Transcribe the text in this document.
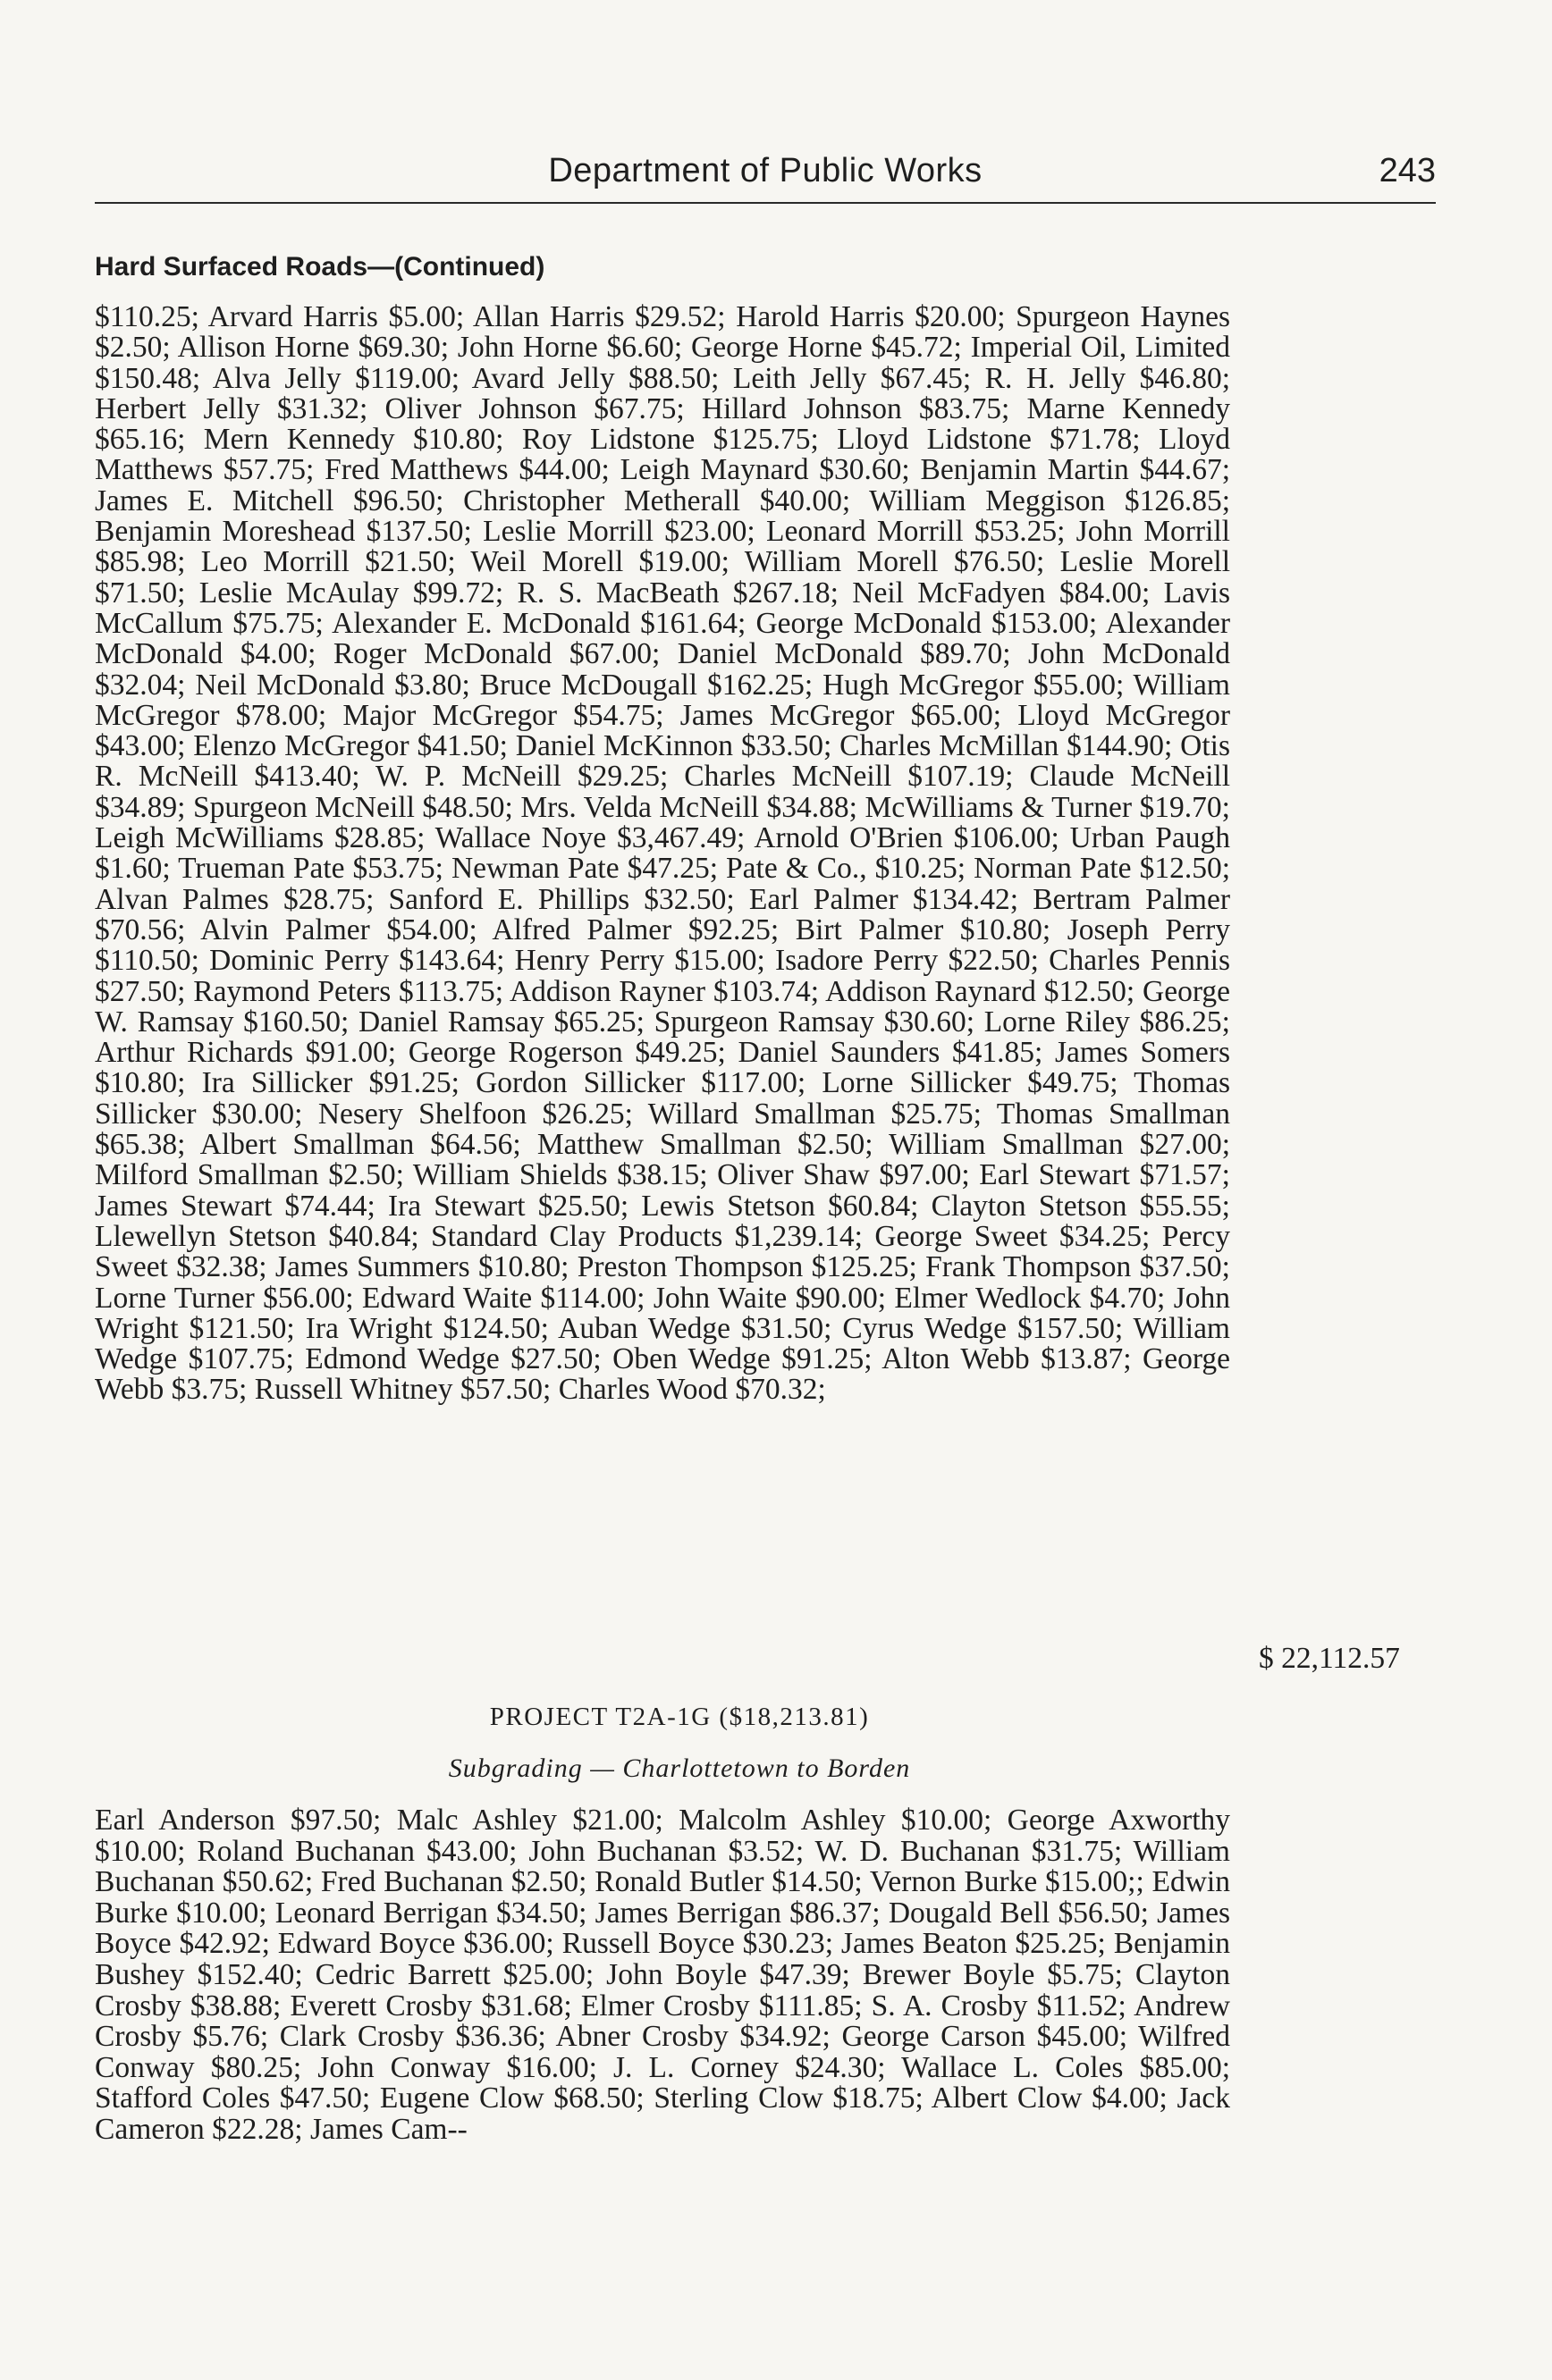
Department of Public Works	243
Hard Surfaced Roads—(Continued)

$110.25; Arvard Harris $5.00; Allan Harris $29.52; Harold Harris $20.00; Spurgeon Haynes $2.50; Allison Horne $69.30; John Horne $6.60; George Horne $45.72; Imperial Oil, Limited $150.48; Alva Jelly $119.00; Avard Jelly $88.50; Leith Jelly $67.45; R. H. Jelly $46.80; Herbert Jelly $31.32; Oliver Johnson $67.75; Hillard Johnson $83.75; Marne Kennedy $65.16; Mern Kennedy $10.80; Roy Lidstone $125.75; Lloyd Lidstone $71.78; Lloyd Matthews $57.75; Fred Matthews $44.00; Leigh Maynard $30.60; Benjamin Martin $44.67; James E. Mitchell $96.50; Christopher Metherall $40.00; William Meggison $126.85; Benjamin Moreshead $137.50; Leslie Morrill $23.00; Leonard Morrill $53.25; John Morrill $85.98; Leo Morrill $21.50; Weil Morell $19.00; William Morell $76.50; Leslie Morell $71.50; Leslie McAulay $99.72; R. S. MacBeath $267.18; Neil McFadyen $84.00; Lavis McCallum $75.75; Alexander E. McDonald $161.64; George McDonald $153.00; Alexander McDonald $4.00; Roger McDonald $67.00; Daniel McDonald $89.70; John McDonald $32.04; Neil McDonald $3.80; Bruce McDougall $162.25; Hugh McGregor $55.00; William McGregor $78.00; Major McGregor $54.75; James McGregor $65.00; Lloyd McGregor $43.00; Elenzo McGregor $41.50; Daniel McKinnon $33.50; Charles McMillan $144.90; Otis R. McNeill $413.40; W. P. McNeill $29.25; Charles McNeill $107.19; Claude McNeill $34.89; Spurgeon McNeill $48.50; Mrs. Velda McNeill $34.88; McWilliams & Turner $19.70; Leigh McWilliams $28.85; Wallace Noye $3,467.49; Arnold O'Brien $106.00; Urban Paugh $1.60; Trueman Pate $53.75; Newman Pate $47.25; Pate & Co., $10.25; Norman Pate $12.50; Alvan Palmes $28.75; Sanford E. Phillips $32.50; Earl Palmer $134.42; Bertram Palmer $70.56; Alvin Palmer $54.00; Alfred Palmer $92.25; Birt Palmer $10.80; Joseph Perry $110.50; Dominic Perry $143.64; Henry Perry $15.00; Isadore Perry $22.50; Charles Pennis $27.50; Raymond Peters $113.75; Addison Rayner $103.74; Addison Raynard $12.50; George W. Ramsay $160.50; Daniel Ramsay $65.25; Spurgeon Ramsay $30.60; Lorne Riley $86.25; Arthur Richards $91.00; George Rogerson $49.25; Daniel Saunders $41.85; James Somers $10.80; Ira Sillicker $91.25; Gordon Sillicker $117.00; Lorne Sillicker $49.75; Thomas Sillicker $30.00; Nesery Shelfoon $26.25; Willard Smallman $25.75; Thomas Smallman $65.38; Albert Smallman $64.56; Matthew Smallman $2.50; William Smallman $27.00; Milford Smallman $2.50; William Shields $38.15; Oliver Shaw $97.00; Earl Stewart $71.57; James Stewart $74.44; Ira Stewart $25.50; Lewis Stetson $60.84; Clayton Stetson $55.55; Llewellyn Stetson $40.84; Standard Clay Products $1,239.14; George Sweet $34.25; Percy Sweet $32.38; James Summers $10.80; Preston Thompson $125.25; Frank Thompson $37.50; Lorne Turner $56.00; Edward Waite $114.00; John Waite $90.00; Elmer Wedlock $4.70; John Wright $121.50; Ira Wright $124.50; Auban Wedge $31.50; Cyrus Wedge $157.50; William Wedge $107.75; Edmond Wedge $27.50; Oben Wedge $91.25; Alton Webb $13.87; George Webb $3.75; Russell Whitney $57.50; Charles Wood $70.32;

$ 22,112.57
PROJECT T2A-1G ($18,213.81)
Subgrading — Charlottetown to Borden

Earl Anderson $97.50; Malc Ashley $21.00; Malcolm Ashley $10.00; George Axworthy $10.00; Roland Buchanan $43.00; John Buchanan $3.52; W. D. Buchanan $31.75; William Buchanan $50.62; Fred Buchanan $2.50; Ronald Butler $14.50; Vernon Burke $15.00;; Edwin Burke $10.00; Leonard Berrigan $34.50; James Berrigan $86.37; Dougald Bell $56.50; James Boyce $42.92; Edward Boyce $36.00; Russell Boyce $30.23; James Beaton $25.25; Benjamin Bushey $152.40; Cedric Barrett $25.00; John Boyle $47.39; Brewer Boyle $5.75; Clayton Crosby $38.88; Everett Crosby $31.68; Elmer Crosby $111.85; S. A. Crosby $11.52; Andrew Crosby $5.76; Clark Crosby $36.36; Abner Crosby $34.92; George Carson $45.00; Wilfred Conway $80.25; John Conway $16.00; J. L. Corney $24.30; Wallace L. Coles $85.00; Stafford Coles $47.50; Eugene Clow $68.50; Sterling Clow $18.75; Albert Clow $4.00; Jack Cameron $22.28; James Cam--
